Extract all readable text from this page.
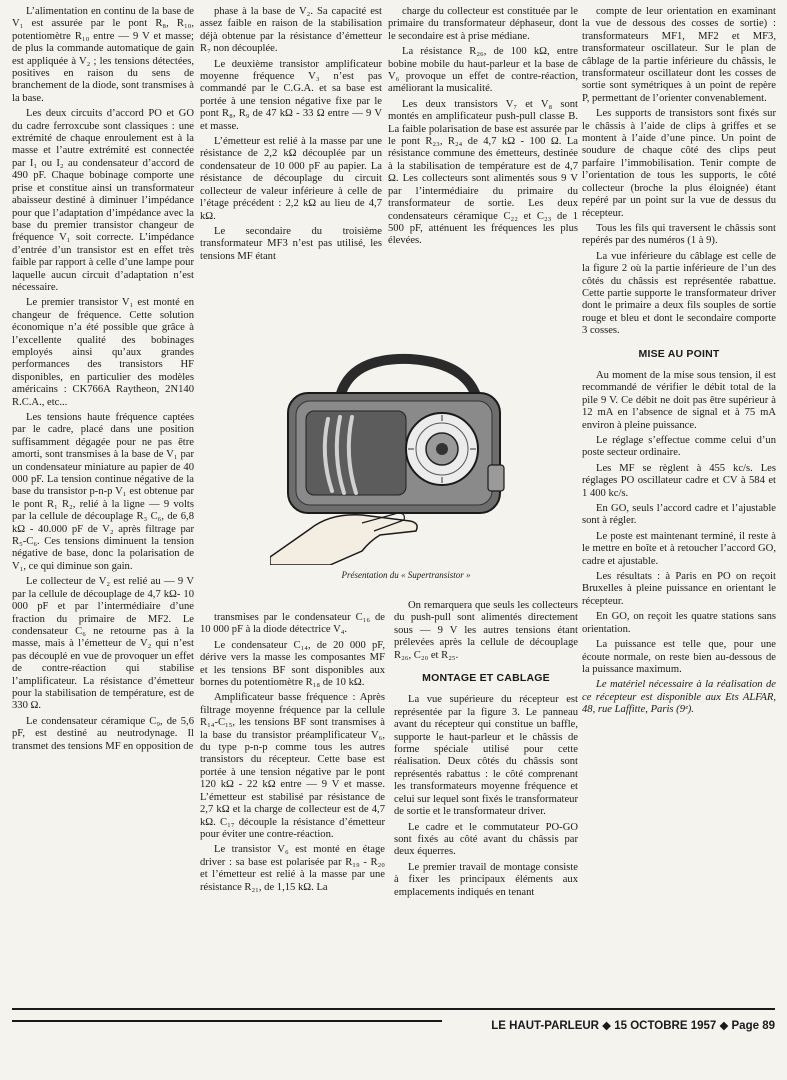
L’alimentation en continu de la base de V₁ est assurée par le pont R₈, R₁₀, potentiomètre R₁₀ entre — 9 V et masse; de plus la commande automatique de gain est appliquée à V₂ ; les tensions détectées, positives en raison du sens de branchement de la diode, sont transmises à la base.

Les deux circuits d’accord PO et GO du cadre ferroxcube sont classiques : une extrémité de chaque enroulement est à la masse et l’autre extrémité est connectée par I₁ ou I₂ au condensateur d’accord de 490 pF. Chaque bobinage comporte une prise et constitue ainsi un transformateur abaisseur destiné à diminuer l’impédance pour que l’adaptation d’impédance avec la base du premier transistor changeur de fréquence V₁ soit correcte. L’impédance d’entrée d’un transistor est en effet très faible par rapport à celle d’une lampe pour laquelle aucun circuit d’adaptation n’est nécessaire.

Le premier transistor V₁ est monté en changeur de fréquence. Cette solution économique n’a été possible que grâce à l’excellente qualité des bobinages employés ainsi qu’aux grandes performances des transistors HF disponibles, en particulier des modèles américains : CK766A Raytheon, 2N140 R.C.A., etc...

Les tensions haute fréquence captées par le cadre, placé dans une position suffisamment dégagée pour ne pas être amorti, sont transmises à la base de V₁ par un condensateur miniature au papier de 40 000 pF. La tension continue négative de la base du transistor p-n-p V₁ est obtenue par le pont R₁ R₂, relié à la ligne — 9 volts par la cellule de découplage R₃ C₆, de 6,8 kΩ - 40.000 pF de V₂ après filtrage par R₅-C₆. Ces tensions diminuent la tension négative de base, donc la polarisation de V₁, ce qui diminue son gain.

Le collecteur de V₂ est relié au — 9 V par la cellule de découplage de 4,7 kΩ- 10 000 pF et par l’intermédiaire d’une fraction du primaire de MF2. Le condensateur C₆ ne retourne pas à la masse, mais à l’émetteur de V₂ qui n’est pas découplé en vue de provoquer un effet de contre-réaction qui stabilise l’amplificateur. La résistance d’émetteur pour la stabilisation de température, est de 330 Ω.

Le condensateur céramique C₉, de 5,6 pF, est destiné au neutrodynage. Il transmet des tensions MF en opposition de

phase à la base de V₂. Sa capacité est assez faible en raison de la stabilisation déjà obtenue par la résistance d’émetteur R₇ non découplée.

Le deuxième transistor amplificateur moyenne fréquence V₃ n’est pas commandé par le C.G.A. et sa base est portée à une tension négative fixe par le pont R₈, R₉ de 47 kΩ - 33 Ω entre — 9 V et masse.

L’émetteur est relié à la masse par une résistance de 2,2 kΩ découplée par un condensateur de 10 000 pF au papier. La résistance de découplage du circuit collecteur de valeur inférieure à celle de l’étage précédent : 2,2 kΩ au lieu de 4,7 kΩ.

Le secondaire du troisième transformateur MF3 n’est pas utilisé, les tensions MF étant

charge du collecteur est constituée par le primaire du transformateur déphaseur, dont le secondaire est à prise médiane.

La résistance R₂₆, de 100 kΩ, entre bobine mobile du haut-parleur et la base de V₆ provoque un effet de contre-réaction, améliorant la musicalité.

Les deux transistors V₇ et V₈ sont montés en amplificateur push-pull classe B. La faible polarisation de base est assurée par le pont R₂₃, R₂₄ de 4,7 kΩ - 100 Ω. La résistance commune des émetteurs, destinée à la stabilisation de température est de 4,7 Ω. Les collecteurs sont alimentés sous 9 V par l’intermédiaire du primaire du transformateur de sortie. Les deux condensateurs céramique C₂₂ et C₂₃ de 1 500 pF, atténuent les fréquences les plus élevées.

compte de leur orientation en examinant la vue de dessous des cosses de sortie) : transformateurs MF1, MF2 et MF3, transformateur oscillateur. Sur le plan de câblage de la partie inférieure du châssis, le transformateur oscillateur dont les cosses de sortie sont symétriques à un point de repère P, permettant de l’orienter convenablement.

Les supports de transistors sont fixés sur le châssis à l’aide de clips à griffes et se montent à l’aide d’une pince. Un point de soudure de chaque côté des clips peut parfaire l’immobilisation. Tenir compte de l’orientation de tous les supports, le côté collecteur (broche la plus éloignée) étant repéré par un point sur la vue de dessus du récepteur.

Tous les fils qui traversent le châssis sont repérés par des numéros (1 à 9).

La vue inférieure du câblage est celle de la figure 2 où la partie inférieure de l’un des côtés du châssis est représentée rabattue. Cette partie supporte le transformateur driver dont le primaire a deux fils souples de sortie rouge et bleu et dont le secondaire comporte 3 cosses.

MISE AU POINT

Au moment de la mise sous tension, il est recommandé de vérifier le débit total de la pile 9 V. Ce débit ne doit pas être supérieur à 12 mA en l’absence de signal et à 75 mA environ à pleine puissance.

Le réglage s’effectue comme celui d’un poste secteur ordinaire.

Les MF se règlent à 455 kc/s. Les réglages PO oscillateur cadre et CV à 584 et 1 400 kc/s.

En GO, seuls l’accord cadre et l’ajustable sont à régler.

Le poste est maintenant terminé, il reste à le mettre en boîte et à retoucher l’accord GO, cadre et ajustable.

Les résultats : à Paris en PO on reçoit Bruxelles à pleine puissance en orientant le récepteur.

En GO, on reçoit les quatre stations sans orientation.

La puissance est telle que, pour une écoute normale, on reste bien au-dessous de la puissance maximum.

Le matériel nécessaire à la réalisation de ce récepteur est disponible aux Ets ALFAR, 48, rue Laffitte, Paris (9ᵉ).

Présentation du « Supertransistor »

transmises par le condensateur C₁₆ de 10 000 pF à la diode détectrice V₄.

Le condensateur C₁₄, de 20 000 pF, dérive vers la masse les composantes MF et les tensions BF sont disponibles aux bornes du potentiomètre R₁₈ de 10 kΩ.

Amplificateur basse fréquence : Après filtrage moyenne fréquence par la cellule R₁₄-C₁₅, les tensions BF sont transmises à la base du transistor préamplificateur V₆, du type p-n-p comme tous les autres transistors du récepteur. Cette base est portée à une tension négative par le pont 120 kΩ - 22 kΩ entre — 9 V et masse. L’émetteur est stabilisé par résistance de 2,7 kΩ et la charge de collecteur est de 4,7 kΩ. C₁₇ découple la résistance d’émetteur pour éviter une contre-réaction.

Le transistor V₆ est monté en étage driver : sa base est polarisée par R₁₉ - R₂₀ et l’émetteur est relié à la masse par une résistance R₂₁, de 1,15 kΩ. La

On remarquera que seuls les collecteurs du push-pull sont alimentés directement sous — 9 V les autres tensions étant prélevées après la cellule de découplage R₂₆, C₂₀ et R₂₅.

MONTAGE ET CABLAGE

La vue supérieure du récepteur est représentée par la figure 3. Le panneau avant du récepteur qui constitue un baffle, supporte le haut-parleur et le châssis de forme spéciale utilisé pour cette réalisation. Deux côtés du châssis sont représentés rabattus : le côté comprenant les transformateurs moyenne fréquence et celui sur lequel sont fixés le transformateur de sortie et le transformateur driver.

Le cadre et le commutateur PO-GO sont fixés au côté avant du châssis par deux équerres.

Le premier travail de montage consiste à fixer les principaux éléments aux emplacements indiqués en tenant

LE HAUT-PARLEUR ◆ 15 OCTOBRE 1957 ◆ Page 89
